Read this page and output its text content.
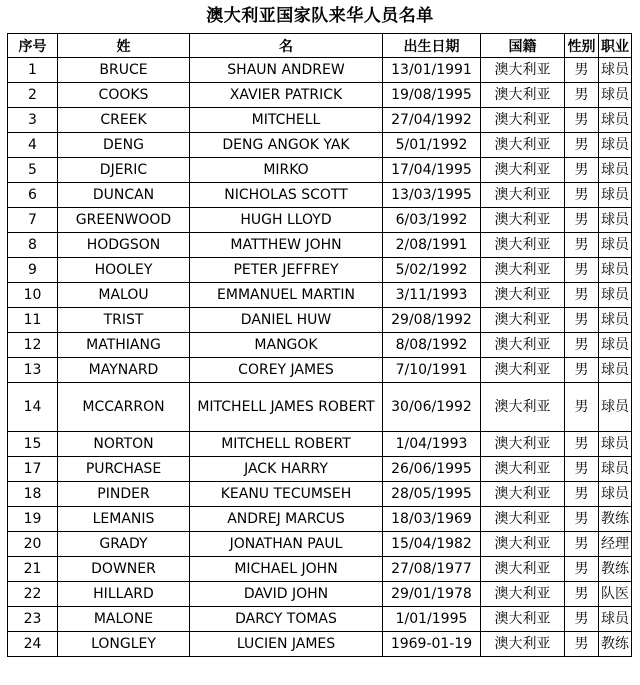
澳大利亚国家队来华人员名单
序号	姓	名	出生日期	国籍	性别	职业
1	BRUCE	SHAUN ANDREW	13/01/1991	澳大利亚	男	球员
2	COOKS	XAVIER PATRICK	19/08/1995	澳大利亚	男	球员
3	CREEK	MITCHELL	27/04/1992	澳大利亚	男	球员
4	DENG	DENG ANGOK YAK	5/01/1992	澳大利亚	男	球员
5	DJERIC	MIRKO	17/04/1995	澳大利亚	男	球员
6	DUNCAN	NICHOLAS SCOTT	13/03/1995	澳大利亚	男	球员
7	GREENWOOD	HUGH LLOYD	6/03/1992	澳大利亚	男	球员
8	HODGSON	MATTHEW JOHN	2/08/1991	澳大利亚	男	球员
9	HOOLEY	PETER JEFFREY	5/02/1992	澳大利亚	男	球员
10	MALOU	EMMANUEL MARTIN	3/11/1993	澳大利亚	男	球员
11	TRIST	DANIEL HUW	29/08/1992	澳大利亚	男	球员
12	MATHIANG	MANGOK	8/08/1992	澳大利亚	男	球员
13	MAYNARD	COREY JAMES	7/10/1991	澳大利亚	男	球员
14	MCCARRON	MITCHELL JAMES ROBERT	30/06/1992	澳大利亚	男	球员
15	NORTON	MITCHELL ROBERT	1/04/1993	澳大利亚	男	球员
17	PURCHASE	JACK HARRY	26/06/1995	澳大利亚	男	球员
18	PINDER	KEANU TECUMSEH	28/05/1995	澳大利亚	男	球员
19	LEMANIS	ANDREJ MARCUS	18/03/1969	澳大利亚	男	教练
20	GRADY	JONATHAN PAUL	15/04/1982	澳大利亚	男	经理
21	DOWNER	MICHAEL JOHN	27/08/1977	澳大利亚	男	教练
22	HILLARD	DAVID JOHN	29/01/1978	澳大利亚	男	队医
23	MALONE	DARCY TOMAS	1/01/1995	澳大利亚	男	球员
24	LONGLEY	LUCIEN JAMES	1969-01-19	澳大利亚	男	教练
